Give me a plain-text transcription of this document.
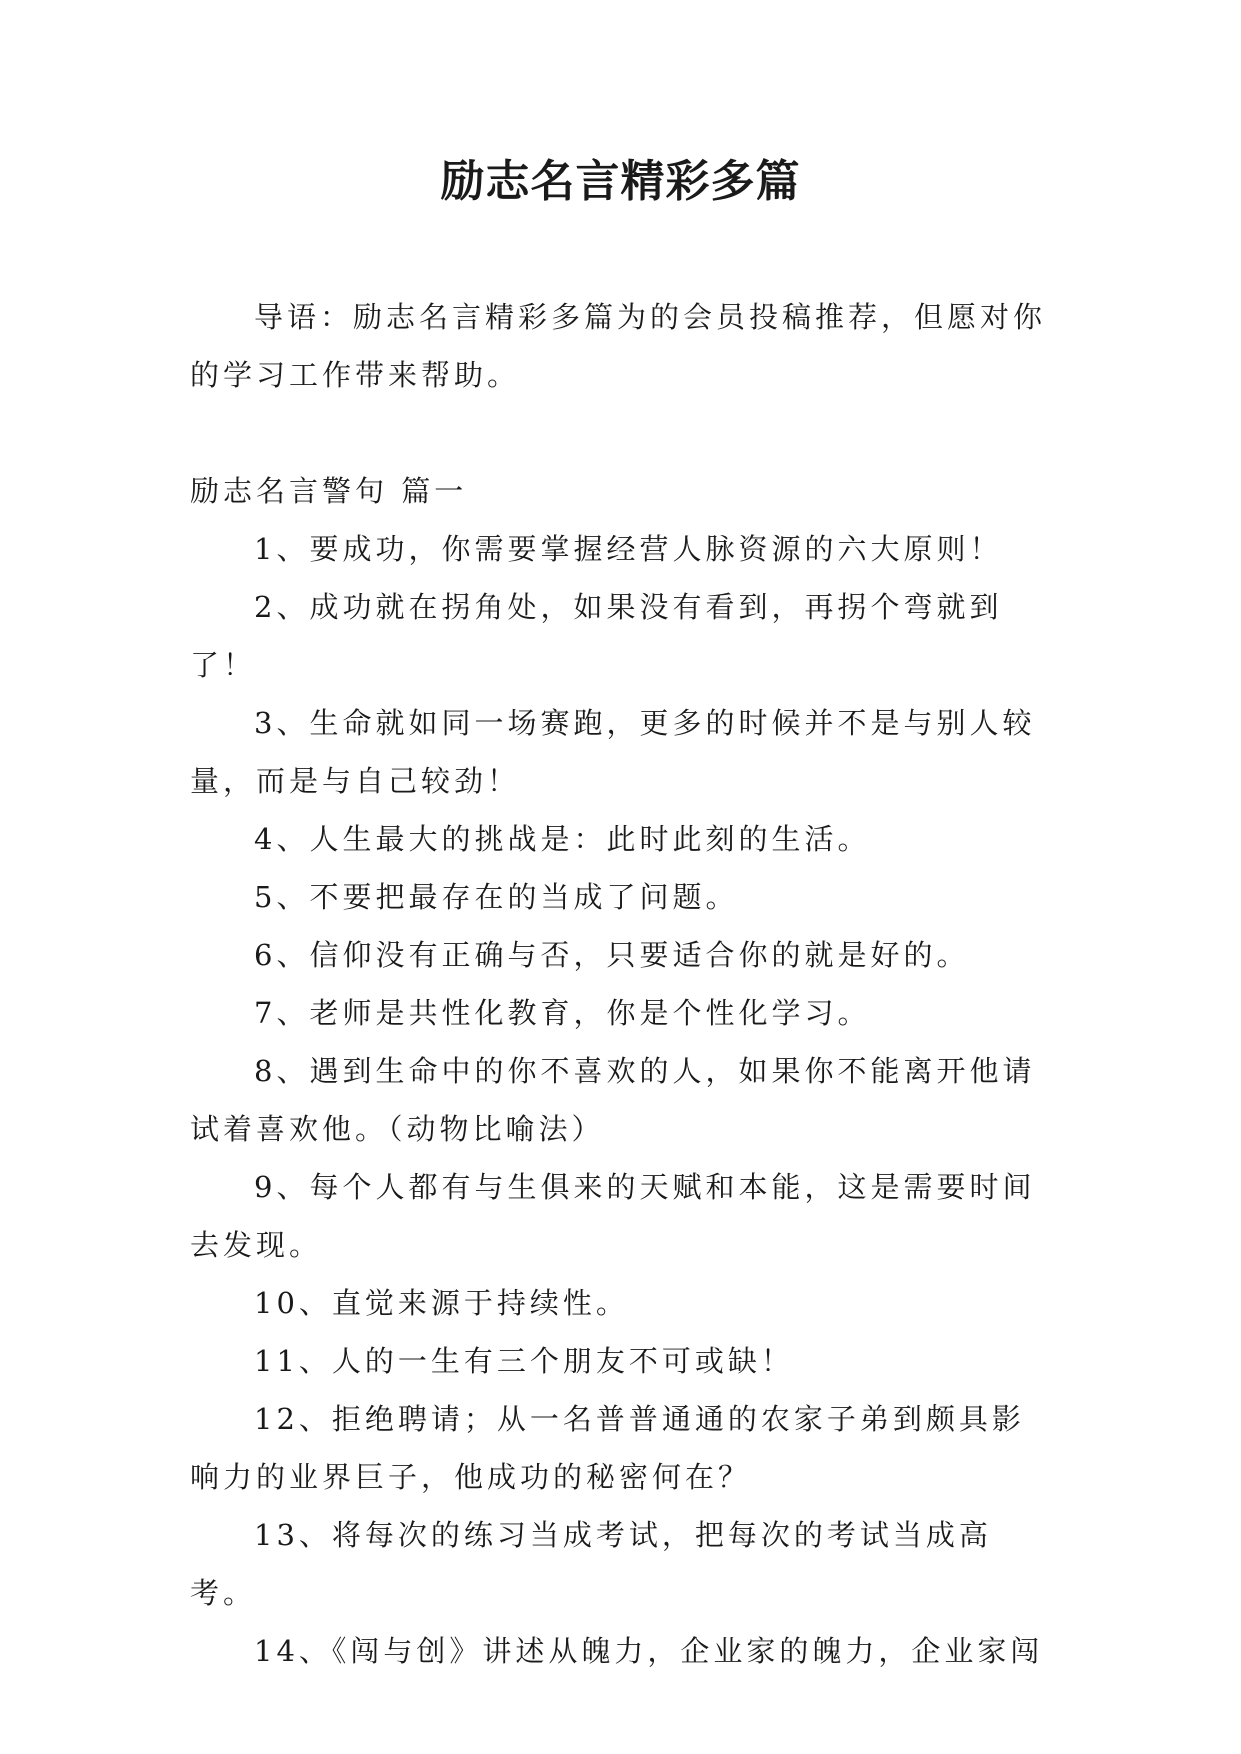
励志名言精彩多篇

导语：励志名言精彩多篇为的会员投稿推荐，但愿对你的学习工作带来帮助。

励志名言警句 篇一

1、要成功，你需要掌握经营人脉资源的六大原则！
2、成功就在拐角处，如果没有看到，再拐个弯就到了！
3、生命就如同一场赛跑，更多的时候并不是与别人较量，而是与自己较劲！
4、人生最大的挑战是：此时此刻的生活。
5、不要把最存在的当成了问题。
6、信仰没有正确与否，只要适合你的就是好的。
7、老师是共性化教育，你是个性化学习。
8、遇到生命中的你不喜欢的人，如果你不能离开他请试着喜欢他。（动物比喻法）
9、每个人都有与生俱来的天赋和本能，这是需要时间去发现。
10、直觉来源于持续性。
11、人的一生有三个朋友不可或缺！
12、拒绝聘请；从一名普普通通的农家子弟到颇具影响力的业界巨子，他成功的秘密何在？
13、将每次的练习当成考试，把每次的考试当成高考。
14、《闯与创》讲述从魄力，企业家的魄力，企业家闯
